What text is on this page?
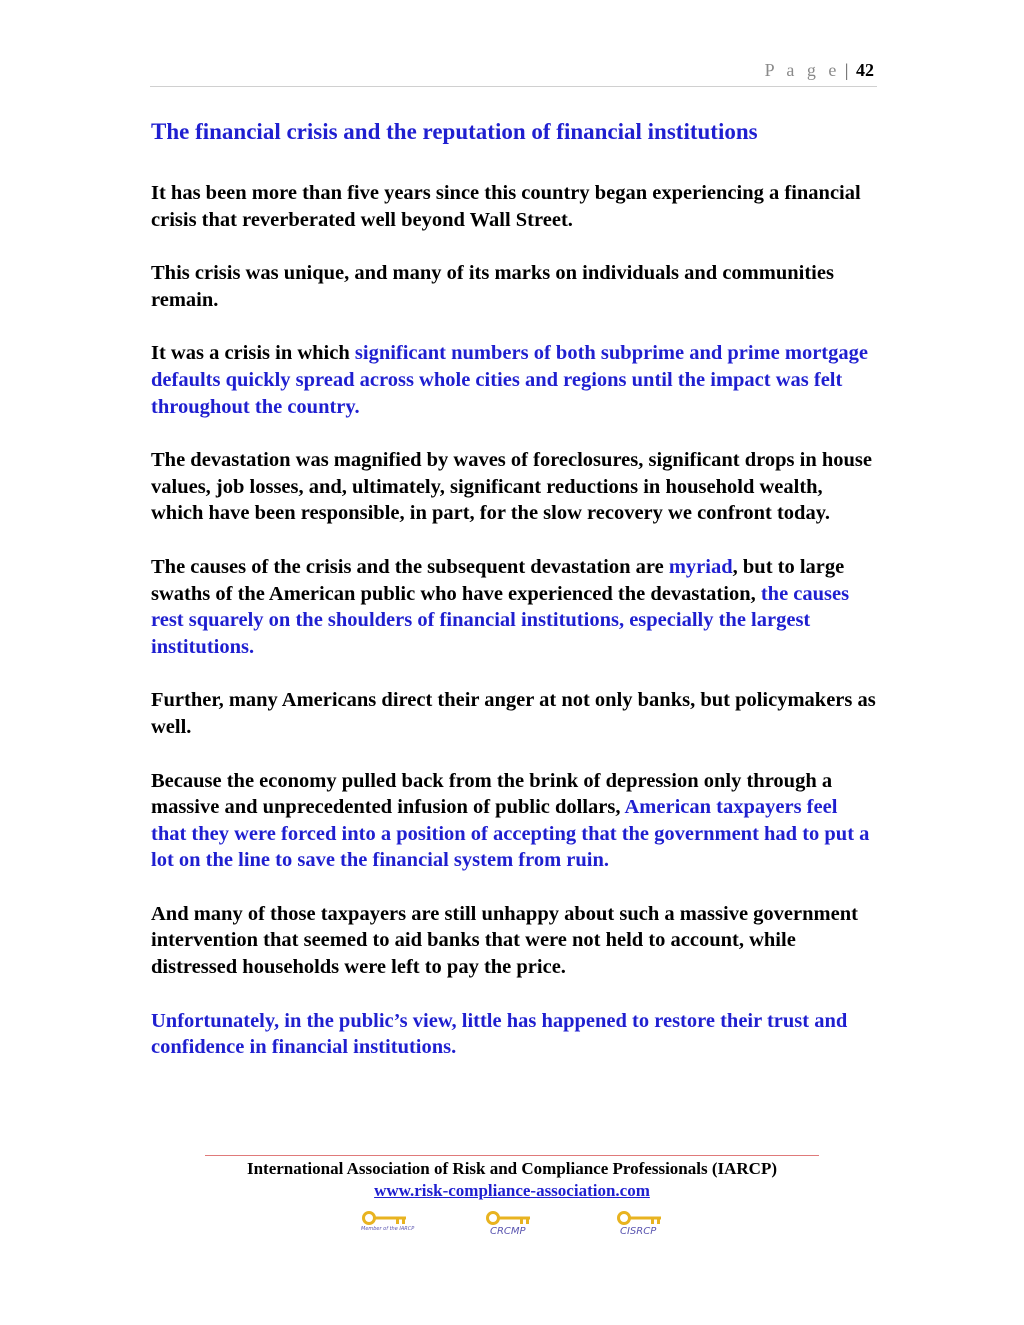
P a g e | 42
The financial crisis and the reputation of financial institutions

It has been more than five years since this country began experiencing a financial crisis that reverberated well beyond Wall Street.

This crisis was unique, and many of its marks on individuals and communities remain.

It was a crisis in which significant numbers of both subprime and prime mortgage defaults quickly spread across whole cities and regions until the impact was felt throughout the country.

The devastation was magnified by waves of foreclosures, significant drops in house values, job losses, and, ultimately, significant reductions in household wealth, which have been responsible, in part, for the slow recovery we confront today.

The causes of the crisis and the subsequent devastation are myriad, but to large swaths of the American public who have experienced the devastation, the causes rest squarely on the shoulders of financial institutions, especially the largest institutions.

Further, many Americans direct their anger at not only banks, but policymakers as well.

Because the economy pulled back from the brink of depression only through a massive and unprecedented infusion of public dollars, American taxpayers feel that they were forced into a position of accepting that the government had to put a lot on the line to save the financial system from ruin.

And many of those taxpayers are still unhappy about such a massive government intervention that seemed to aid banks that were not held to account, while distressed households were left to pay the price.

Unfortunately, in the public’s view, little has happened to restore their trust and confidence in financial institutions.

International Association of Risk and Compliance Professionals (IARCP)
www.risk-compliance-association.com
Member of the IARCP	CRCMP	CISRCP
